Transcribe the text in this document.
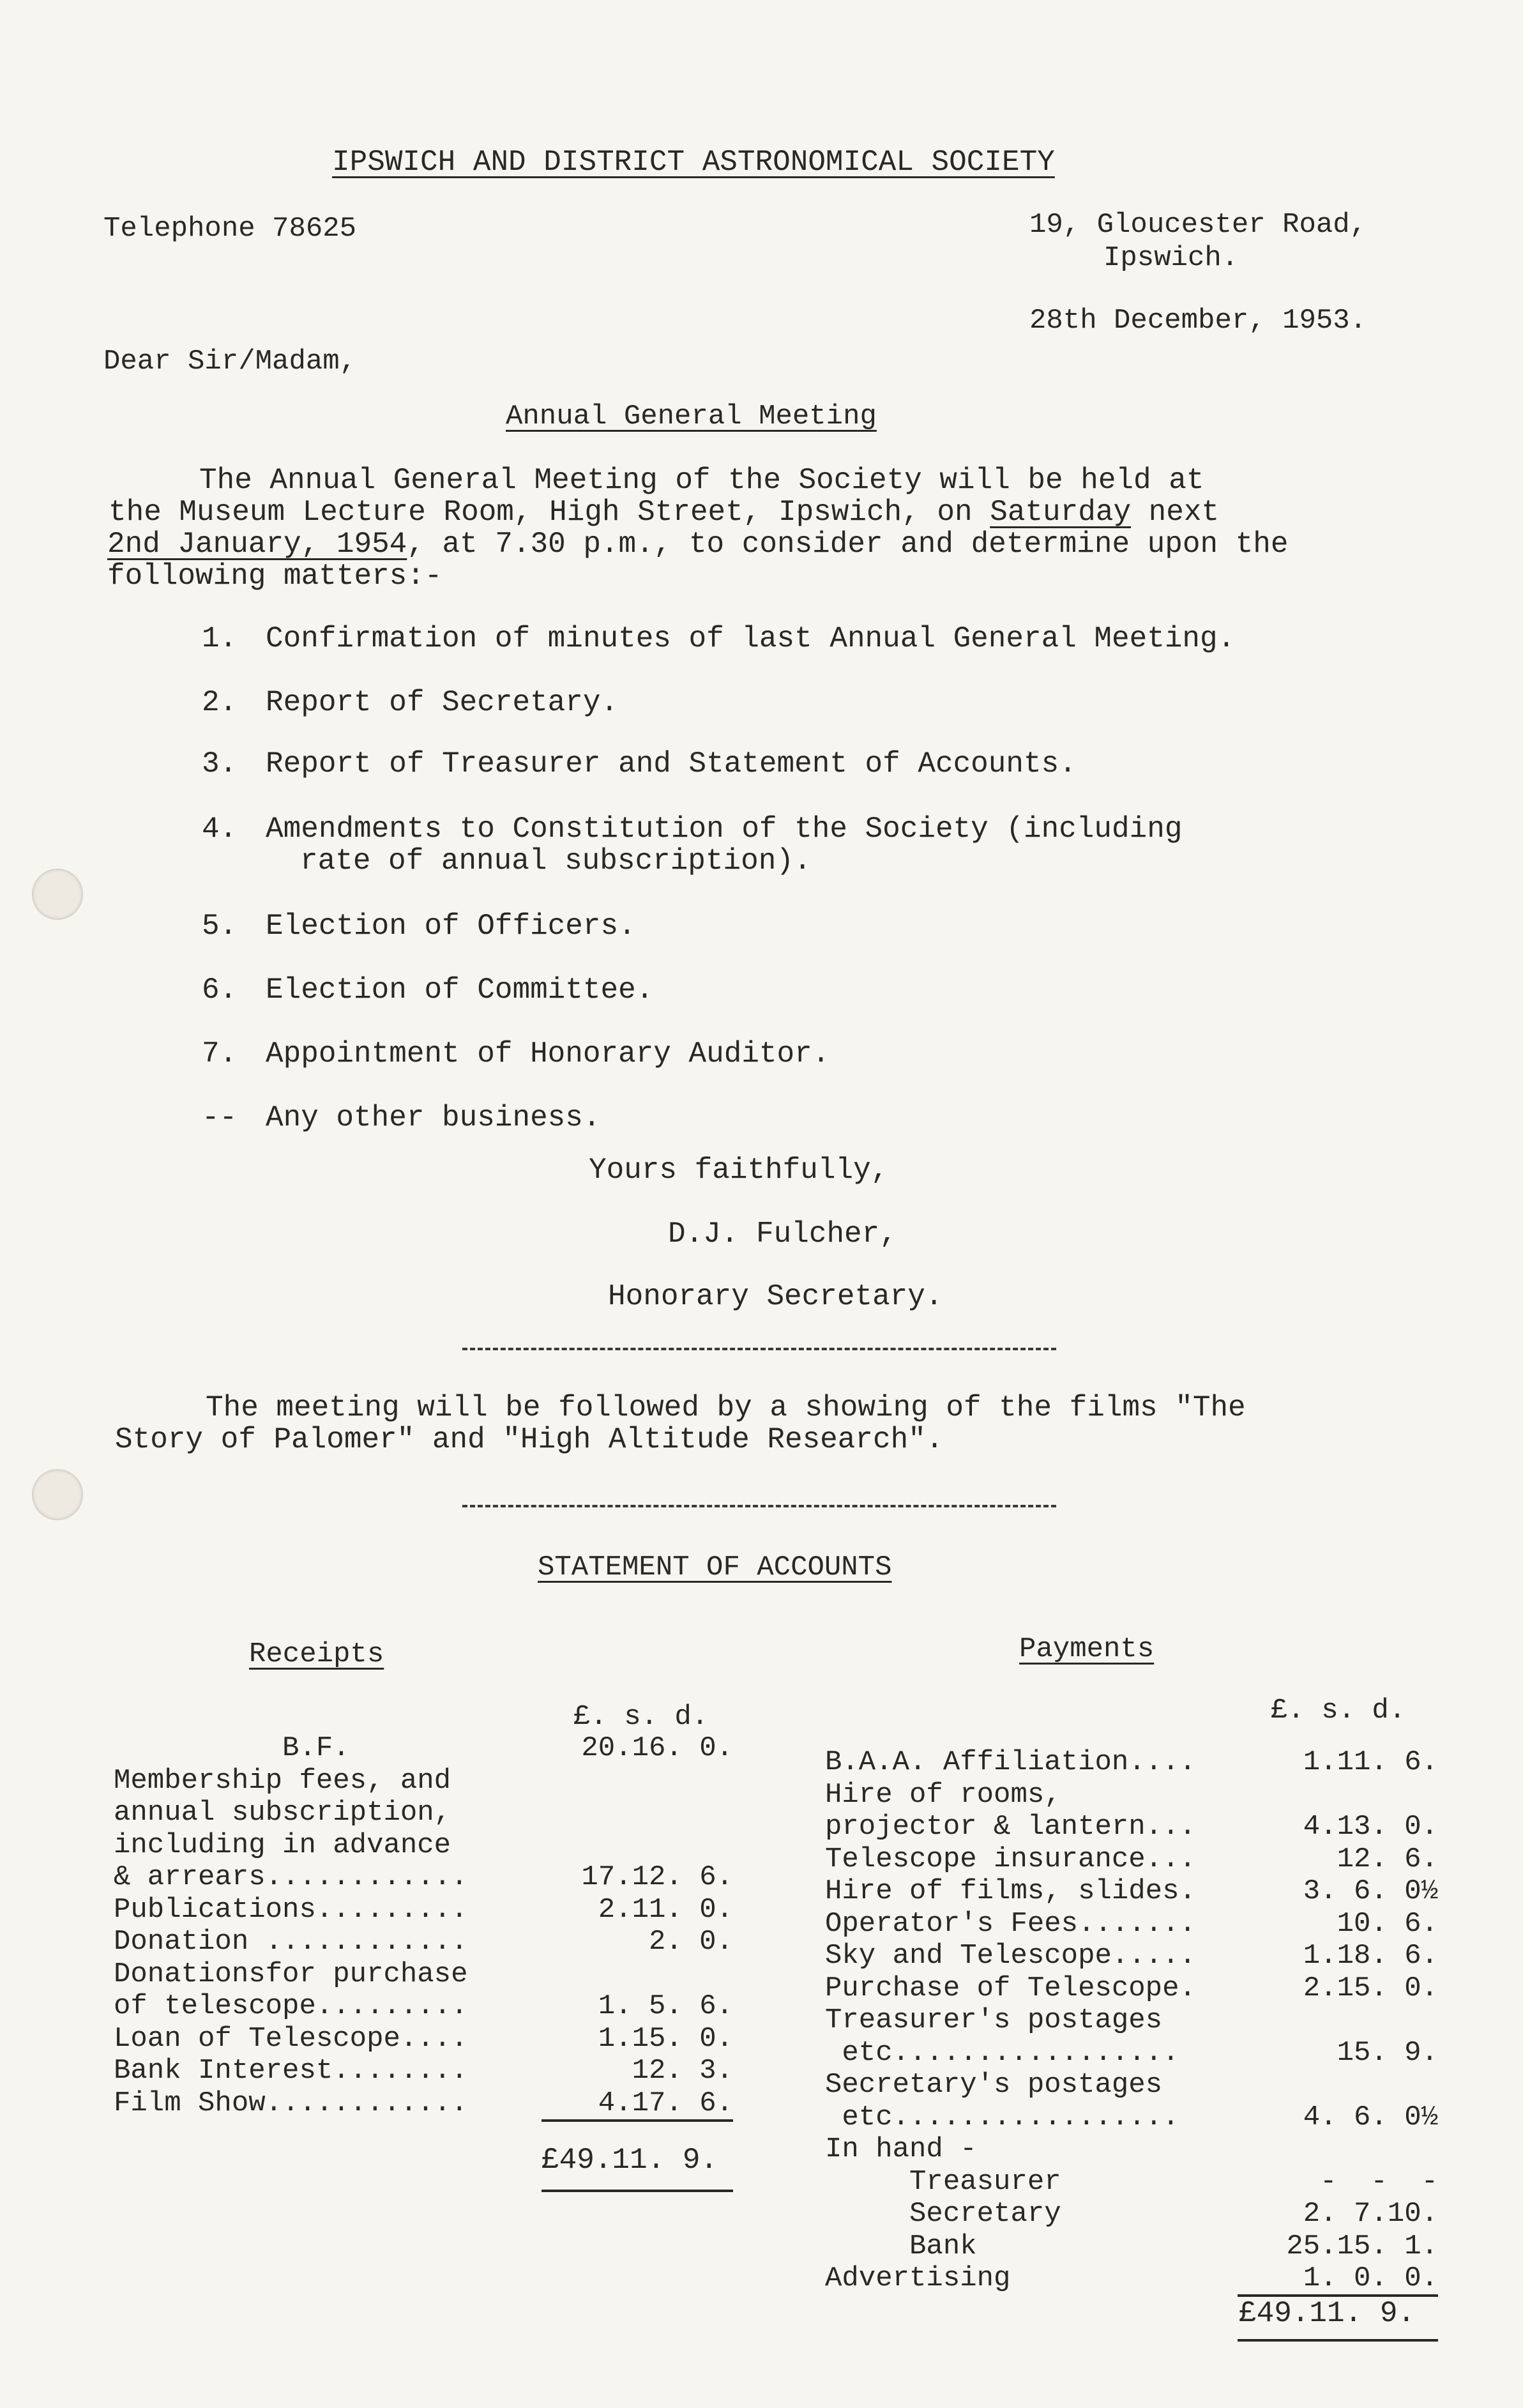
IPSWICH AND DISTRICT ASTRONOMICAL SOCIETY
Telephone 78625	19, Gloucester Road,
Ipswich.
28th December, 1953.
Dear Sir/Madam,
Annual General Meeting
The Annual General Meeting of the Society will be held at
the Museum Lecture Room, High Street, Ipswich, on Saturday next
2nd January, 1954, at 7.30 p.m., to consider and determine upon the
following matters:-
1. Confirmation of minutes of last Annual General Meeting.
2. Report of Secretary.
3. Report of Treasurer and Statement of Accounts.
4. Amendments to Constitution of the Society (including
rate of annual subscription).
5. Election of Officers.
6. Election of Committee.
7. Appointment of Honorary Auditor.
-- Any other business.
Yours faithfully,
D.J. Fulcher,
Honorary Secretary.
The meeting will be followed by a showing of the films "The
Story of Palomer" and "High Altitude Research".
STATEMENT OF ACCOUNTS
Receipts	Payments
£. s. d.	£. s. d.
B.F.	20.16. 0.
Membership fees, and
annual subscription,
including in advance
& arrears............	17.12. 6.
Publications.........	2.11. 0.
Donation ............	2. 0.
Donationsfor purchase
of telescope.........	1. 5. 6.
Loan of Telescope....	1.15. 0.
Bank Interest........	12. 3.
Film Show............	4.17. 6.
£49.11. 9.
B.A.A. Affiliation....	1.11. 6.
Hire of rooms,
projector & lantern...	4.13. 0.
Telescope insurance...	12. 6.
Hire of films, slides.	3. 6. 0½
Operator's Fees.......	10. 6.
Sky and Telescope.....	1.18. 6.
Purchase of Telescope.	2.15. 0.
Treasurer's postages
etc.................	15. 9.
Secretary's postages
etc.................	4. 6. 0½
In hand -
Treasurer	-  -  -
Secretary	2. 7.10.
Bank	25.15. 1.
Advertising	1. 0. 0.
£49.11. 9.
